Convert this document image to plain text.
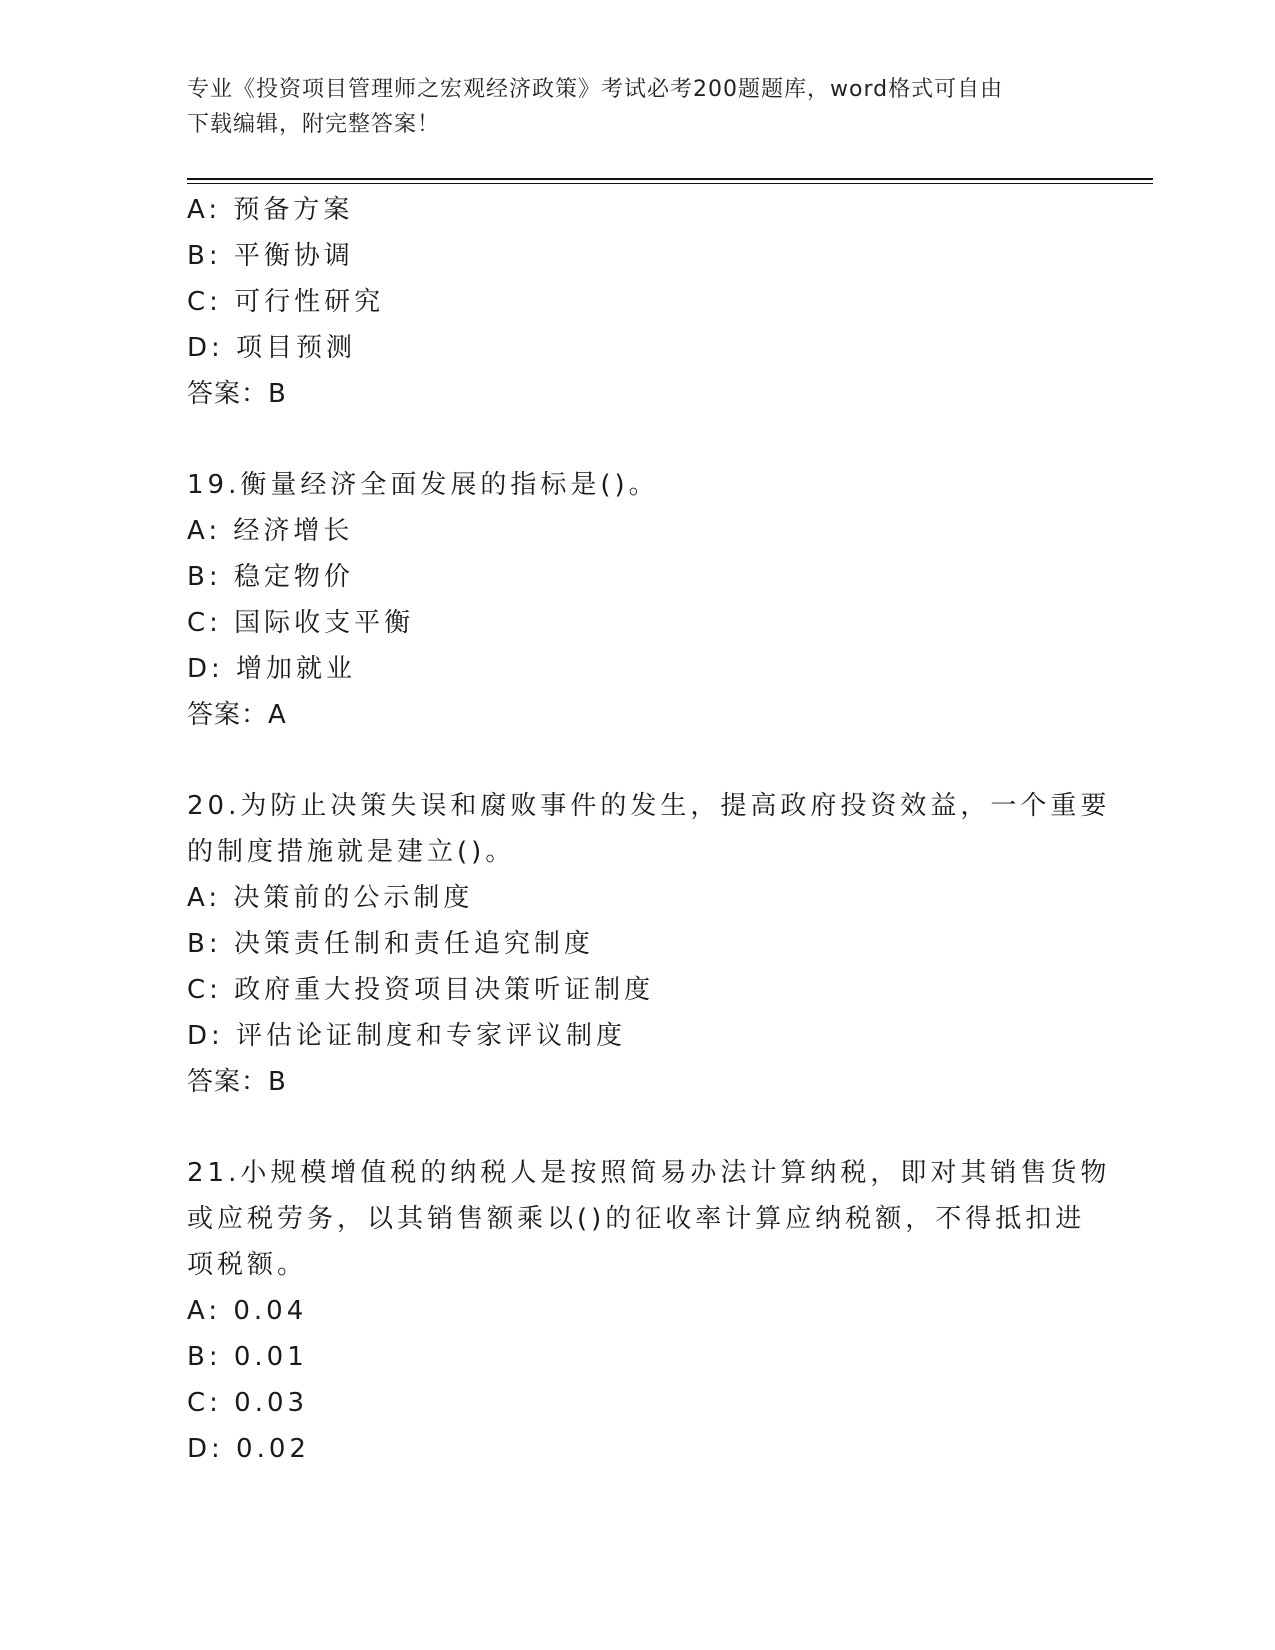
专业《投资项目管理师之宏观经济政策》考试必考200题题库，word格式可自由
下载编辑，附完整答案！
A: 预备方案
B: 平衡协调
C: 可行性研究
D: 项目预测
答案：B
19.衡量经济全面发展的指标是()。
A: 经济增长
B: 稳定物价
C: 国际收支平衡
D: 增加就业
答案：A
20.为防止决策失误和腐败事件的发生，提高政府投资效益，一个重要
的制度措施就是建立()。
A: 决策前的公示制度
B: 决策责任制和责任追究制度
C: 政府重大投资项目决策听证制度
D: 评估论证制度和专家评议制度
答案：B
21.小规模增值税的纳税人是按照简易办法计算纳税，即对其销售货物
或应税劳务，以其销售额乘以()的征收率计算应纳税额，不得抵扣进
项税额。
A: 0.04
B: 0.01
C: 0.03
D: 0.02
